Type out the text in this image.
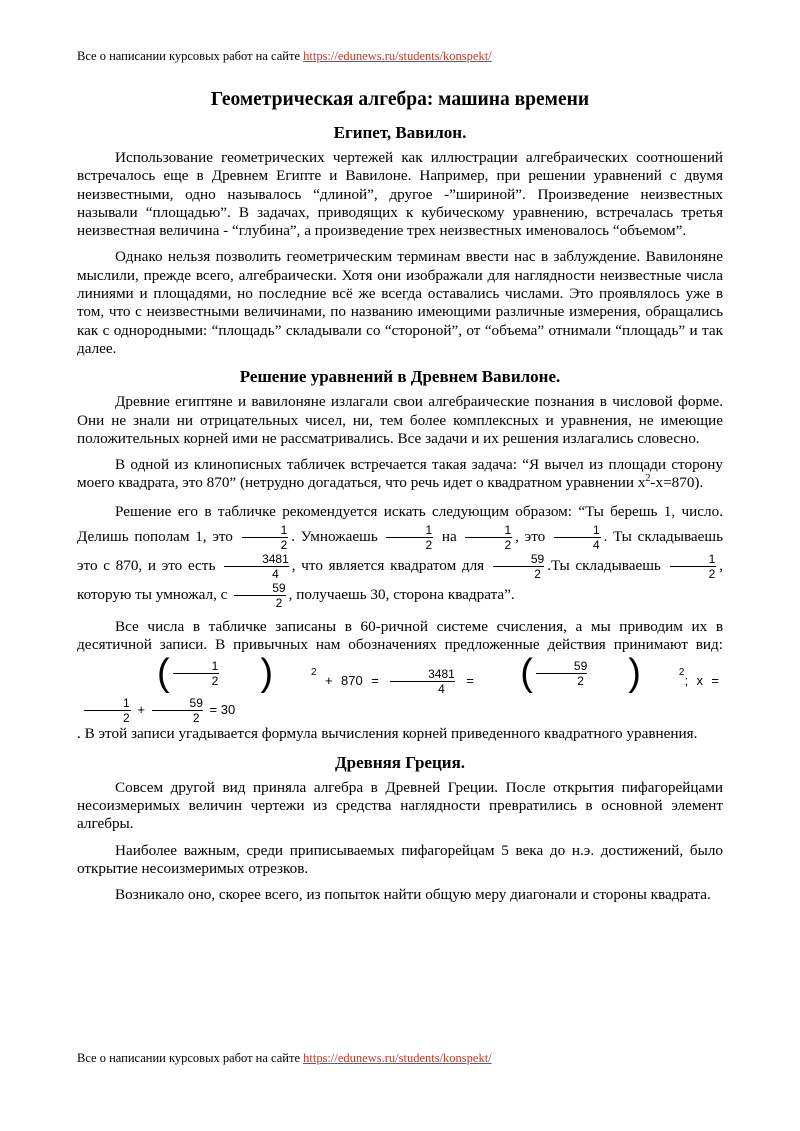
Все о написании курсовых работ на сайте https://edunews.ru/students/konspekt/
Геометрическая алгебра: машина времени
Египет, Вавилон.

Использование геометрических чертежей как иллюстрации алгебраических соотношений встречалось еще в Древнем Египте и Вавилоне. Например, при решении уравнений с двумя неизвестными, одно называлось “длиной”, другое -”шириной”. Произведение неизвестных называли “площадью”. В задачах, приводящих к кубическому уравнению, встречалась третья неизвестная величина - “глубина”, а произведение трех неизвестных именовалось “объемом”.

Однако нельзя позволить геометрическим терминам ввести нас в заблуждение. Вавилоняне мыслили, прежде всего, алгебраически. Хотя они изображали для наглядности неизвестные числа линиями и площадями, но последние всё же всегда оставались числами. Это проявлялось уже в том, что с неизвестными величинами, по названию имеющими различные измерения, обращались как с однородными: “площадь” складывали со “стороной”, от “объема” отнимали “площадь” и так далее.

Решение уравнений в Древнем Вавилоне.

Древние египтяне и вавилоняне излагали свои алгебраические познания в числовой форме. Они не знали ни отрицательных чисел, ни, тем более комплексных и уравнения, не имеющие положительных корней ими не рассматривались. Все задачи и их решения излагались словесно.

В одной из клинописных табличек встречается такая задача: “Я вычел из площади сторону моего квадрата, это 870” (нетрудно догадаться, что речь идет о квадратном уравнении $x^2-x=870$).

Решение его в табличке рекомендуется искать следующим образом: “Ты берешь 1, число. Делишь пополам 1, это $\frac{1}{2}$ . Умножаешь $\frac{1}{2}$ на $\frac{1}{2}$ , это $\frac{1}{4}$ . Ты складываешь это с 870, и это есть $\frac{3481}{4}$ , что является квадратом для $\frac{59}{2} .Ты$ складываешь $\frac{1}{2}$ , которую ты умножал, с $\frac{59}{2}$ , получаешь 30, сторона квадрата”.

Все числа в табличке записаны в 60-ричной системе счисления, а мы приводим их в десятичной записи. В привычных нам обозначениях предложенные действия принимают вид:
( $\frac{1}{2}$	)	2
+ $870 = \frac{3481}{4}$ =	( $\frac{59}{2}$	)	2
; x =
$\frac{1}{2} + \frac{59}{2} = 30$. В этой записи угадывается формула вычисления корней приведенного квадратного уравнения.

Древняя Греция.

Совсем другой вид приняла алгебра в Древней Греции. После открытия пифагорейцами несоизмеримых величин чертежи из средства наглядности превратились в основной элемент алгебры.

Наиболее важным, среди приписываемых пифагорейцам 5 века до н.э. достижений, было открытие несоизмеримых отрезков.

Возникало оно, скорее всего, из попыток найти общую меру диагонали и стороны квадрата.

Все о написании курсовых работ на сайте https://edunews.ru/students/konspekt/
